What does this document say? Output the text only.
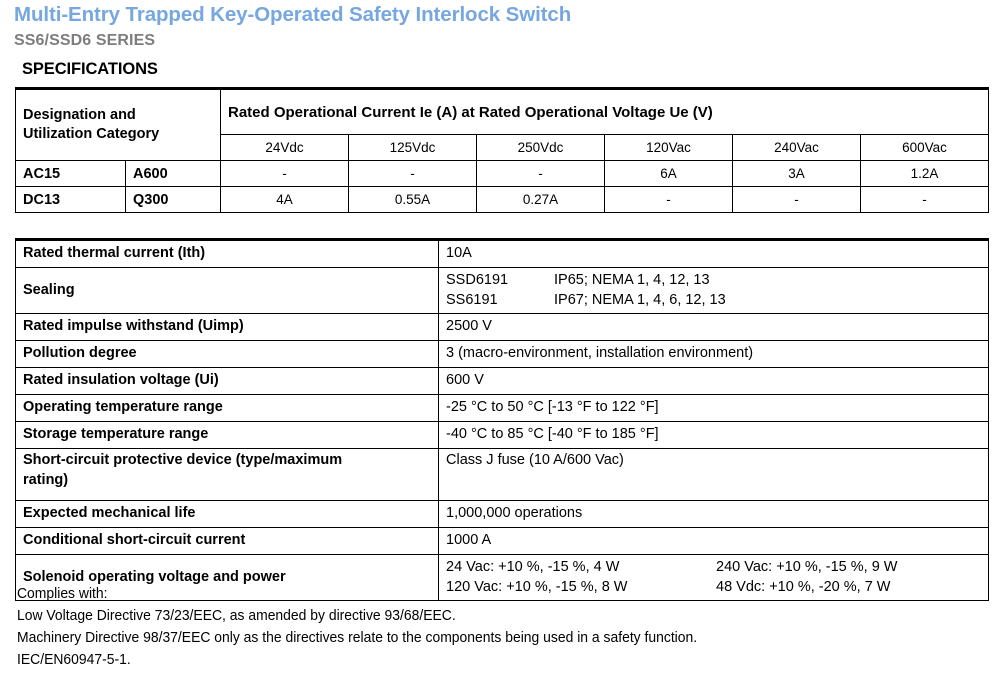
Multi-Entry Trapped Key-Operated Safety Interlock Switch
SS6/SSD6 SERIES
SPECIFICATIONS
Designation and
Utilization Category		Rated Operational Current Ie (A) at Rated Operational Voltage Ue (V)					

		24Vdc	125Vdc	250Vdc	120Vac	240Vac	600Vac

AC15	A600	-	-	-	6A	3A	1.2A

DC13	Q300	4A	0.55A	0.27A	-	-	-
Rated thermal current (Ith)	10A
Sealing	SSD6191 IP65; NEMA 1, 4, 12, 13
SS6191 IP67; NEMA 1, 4, 6, 12, 13

Rated impulse withstand (Uimp)	2500 V
Pollution degree	3 (macro-environment, installation environment)
Rated insulation voltage (Ui)	600 V
Operating temperature range	-25 °C to 50 °C [-13 °F to 122 °F]
Storage temperature range	-40 °C to 85 °C [-40 °F to 185 °F]

Short-circuit protective device (type/maximum
rating)	Class J fuse (10 A/600 Vac)
Expected mechanical life	1,000,000 operations
Conditional short-circuit current	1000 A
Solenoid operating voltage and power	24 Vac: +10 %, -15 %, 4 W 240 Vac: +10 %, -15 %, 9 W
120 Vac: +10 %, -15 %, 8 W 48 Vdc: +10 %, -20 %, 7 W
Complies with:
Low Voltage Directive 73/23/EEC, as amended by directive 93/68/EEC.
Machinery Directive 98/37/EEC only as the directives relate to the components being used in a safety function.
IEC/EN60947-5-1.
